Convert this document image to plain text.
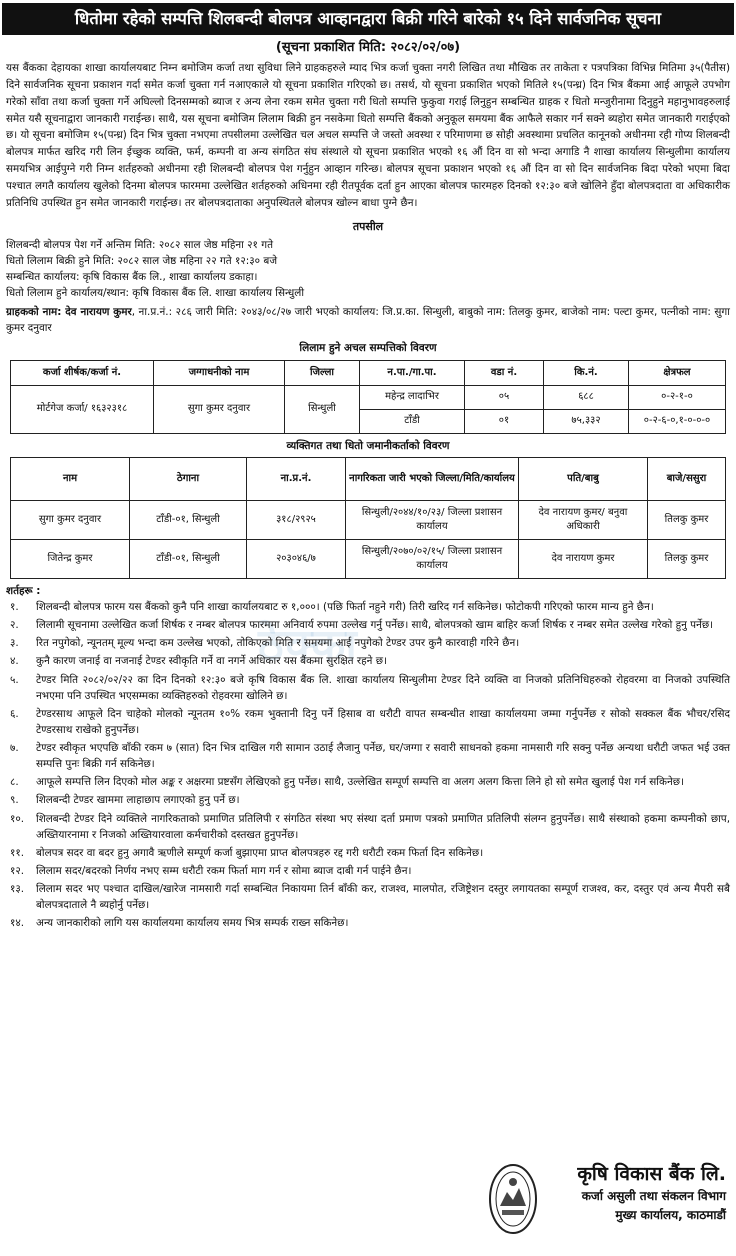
धितोमा रहेको सम्पत्ति शिलबन्दी बोलपत्र आव्हानद्वारा बिक्री गरिने बारेको १५ दिने सार्वजनिक सूचना
(सूचना प्रकाशित मिति: २०८२/०२/०७)
ठेक्का

यस बैंकका देहायका शाखा कार्यालयबाट निम्न बमोजिम कर्जा तथा सुविधा लिने ग्राहकहरुले म्याद भित्र कर्जा चुक्ता नगरी लिखित तथा मौखिक तर ताकेता र पत्रपत्रिका विभिन्न मितिमा ३५(पैतीस) दिने सार्वजनिक सूचना प्रकाशन गर्दा समेत कर्जा चुक्ता गर्न नआएकाले यो सूचना प्रकाशित गरिएको छ। तसर्थ, यो सूचना प्रकाशित भएको मितिले १५(पन्ध्र) दिन भित्र बैंकमा आई आफूले उपभोग गरेको साँवा तथा कर्जा चुक्ता गर्ने अघिल्लो दिनसम्मको ब्याज र अन्य लेना रकम समेत चुक्ता गरी धितो सम्पत्ति फुकुवा गराई लिनुहुन सम्बन्धित ग्राहक र धितो मन्जुरीनामा दिनुहुने महानुभावहरुलाई समेत यसै सूचनाद्वारा जानकारी गराईन्छ। साथै, यस सूचना बमोजिम लिलाम बिक्री हुन नसकेमा धितो सम्पत्ति बैंकको अनुकूल समयमा बैंक आफैले सकार गर्न सक्ने ब्यहोरा समेत जानकारी गराईएको छ। यो सूचना बमोजिम १५(पन्ध्र) दिन भित्र चुक्ता नभएमा तपसीलमा उल्लेखित चल अचल सम्पत्ति जे जस्तो अवस्था र परिमाणमा छ सोही अवस्थामा प्रचलित कानूनको अधीनमा रही गोप्य शिलबन्दी बोलपत्र मार्फत खरिद गरी लिन ईच्छुक व्यक्ति, फर्म, कम्पनी वा अन्य संगठित संघ संस्थाले यो सूचना प्रकाशित भएको १६ औं दिन वा सो भन्दा अगाडि नै शाखा कार्यालय सिन्धुलीमा कार्यालय समयभित्र आईपुग्ने गरी निम्न शर्तहरुको अधीनमा रही शिलबन्दी बोलपत्र पेश गर्नुहुन आव्हान गरिन्छ। बोलपत्र सूचना प्रकाशन भएको १६ औं दिन वा सो दिन सार्वजनिक बिदा परेको भएमा बिदा पश्चात लगतै कार्यालय खुलेको दिनमा बोलपत्र फारममा उल्लेखित शर्तहरुको अधिनमा रही रीतपूर्वक दर्ता हुन आएका बोलपत्र फारमहरु दिनको १२:३० बजे खोलिने हुँदा बोलपत्रदाता वा अधिकारीक प्रतिनिधि उपस्थित हुन समेत जानकारी गराईन्छ। तर बोलपत्रदाताका अनुपस्थितले बोलपत्र खोल्न बाधा पुग्ने छैन।

तपसील

शिलबन्दी बोलपत्र पेश गर्ने अन्तिम मिति: २०८२ साल जेष्ठ महिना २१ गते

धितो लिलाम बिक्री हुने मिति: २०८२ साल जेष्ठ महिना २२ गते १२:३० बजे

सम्बन्धित कार्यालय: कृषि विकास बैंक लि., शाखा कार्यालय डकाहा।

धितो लिलाम हुने कार्यालय/स्थान: कृषि विकास बैंक लि. शाखा कार्यालय सिन्धुली

ग्राहकको नाम: देव नारायण कुमर, ना.प्र.नं.: २८६ जारी मिति: २०४३/०८/२७ जारी भएको कार्यालय: जि.प्र.का. सिन्धुली, बाबुको नाम: तिलकु कुमर, बाजेको नाम: पल्टा कुमर, पत्नीको नाम: सुगा कुमर दनुवार

लिलाम हुने अचल सम्पत्तिको विवरण
कर्जा शीर्षक/कर्जा नं.	जग्गाधनीको नाम	जिल्ला	न.पा./गा.पा.	वडा नं.	कि.नं.	क्षेत्रफल
मोर्टगेज कर्जा/ १६३२३१८	सुगा कुमर दनुवार	सिन्धुली	महेन्द्र लादाभिर	०५	६८८	०-२-१-०
			टाँडी	०१	७५,३३२	०-२-६-०,१-०-०-०
व्यक्तिगत तथा धितो जमानीकर्ताको विवरण
नाम	ठेगाना	ना.प्र.नं.	नागरिकता जारी भएको जिल्ला/मिति/कार्यालय	पति/बाबु	बाजे/ससुरा
सुगा कुमर दनुवार	टाँडी-०१, सिन्धुली	३१८/२९२५	सिन्धुली/२०४४/१०/२३/ जिल्ला प्रशासन कार्यालय	देव नारायण कुमर/ बनुवा अधिकारी	तिलकु कुमर
जितेन्द्र कुमर	टाँडी-०१, सिन्धुली	२०३०४६/७	सिन्धुली/२०७०/०२/१५/ जिल्ला प्रशासन कार्यालय	देव नारायण कुमर	तिलकु कुमर
शर्तहरू :
१.	शिलबन्दी बोलपत्र फारम यस बैंकको कुनै पनि शाखा कार्यालयबाट रु १,०००। (पछि फिर्ता नहुने गरी) तिरी खरिद गर्न सकिनेछ। फोटोकपी गरिएको फारम मान्य हुने छैन।
२.	लिलामी सूचनामा उल्लेखित कर्जा शिर्षक र नम्बर बोलपत्र फारममा अनिवार्य रुपमा उल्लेख गर्नु पर्नेछ। साथै, बोलपत्रको खाम बाहिर कर्जा शिर्षक र नम्बर समेत उल्लेख गरेको हुनु पर्नेछ।
३.	रित नपुगेको, न्यूनतम् मूल्य भन्दा कम उल्लेख भएको, तोकिएको मिति र समयमा आई नपुगेको टेण्डर उपर कुनै कारवाही गरिने छैन।
४.	कुनै कारण जनाई वा नजनाई टेण्डर स्वीकृति गर्ने वा नगर्ने अधिकार यस बैंकमा सुरक्षित रहने छ।
५.	टेण्डर मिति २०८२/०२/२२ का दिन दिनको १२:३० बजे कृषि विकास बैंक लि. शाखा कार्यालय सिन्धुलीमा टेण्डर दिने व्यक्ति वा निजको प्रतिनिधिहरुको रोहवरमा वा निजको उपस्थिति नभएमा पनि उपस्थित भएसम्मका व्यक्तिहरुको रोहवरमा खोलिने छ।
६.	टेण्डरसाथ आफूले दिन चाहेको मोलको न्यूनतम १०% रकम भुक्तानी दिनु पर्ने हिसाब वा धरौटी वापत सम्बन्धीत शाखा कार्यालयमा जम्मा गर्नुपर्नेछ र सोको सक्कल बैंक भौचर/रसिद टेण्डरसाथ राखेको हुनुपर्नेछ।
७.	टेण्डर स्वीकृत भएपछि बाँकी रकम ७ (सात) दिन भित्र दाखिल गरी सामान उठाई लैजानु पर्नेछ, घर/जग्गा र सवारी साधनको हकमा नामसारी गरि सक्नु पर्नेछ अन्यथा धरौटी जफत भई उक्त सम्पत्ति पुनः बिक्री गर्न सकिनेछ।
८.	आफूले सम्पत्ति लिन दिएको मोल अङ्क र अक्षरमा प्रष्टसँग लेखिएको हुनु पर्नेछ। साथै, उल्लेखित सम्पूर्ण सम्पत्ति वा अलग अलग कित्ता लिने हो सो समेत खुलाई पेश गर्न सकिनेछ।
९.	शिलबन्दी टेण्डर खाममा लाहाछाप लगाएको हुनु पर्ने छ।
१०.	शिलबन्दी टेण्डर दिने व्यक्तिले नागरिकताको प्रमाणित प्रतिलिपी र संगठित संस्था भए संस्था दर्ता प्रमाण पत्रको प्रमाणित प्रतिलिपी संलग्न हुनुपर्नेछ। साथै संस्थाको हकमा कम्पनीको छाप, अख्तियारनामा र निजको अख्तियारवाला कर्मचारीको दस्तखत हुनुपर्नेछ।
११.	बोलपत्र सदर वा बदर हुनु अगावै ऋणीले सम्पूर्ण कर्जा बुझाएमा प्राप्त बोलपत्रहरु रद्द गरी धरौटी रकम फिर्ता दिन सकिनेछ।
१२.	लिलाम सदर/बदरको निर्णय नभए सम्म धरौटी रकम फिर्ता माग गर्न र सोमा ब्याज दाबी गर्न पाईने छैन।
१३.	लिलाम सदर भए पश्चात दाखिल/खारेज नामसारी गर्दा सम्बन्धित निकायमा तिर्न बाँकी कर, राजश्व, मालपोत, रजिष्ट्रेशन दस्तुर लगायतका सम्पूर्ण राजश्व, कर, दस्तुर एवं अन्य मैपरी सबै बोलपत्रदाताले नै ब्यहोर्नु पर्नेछ।
१४.	अन्य जानकारीको लागि यस कार्यालयमा कार्यालय समय भित्र सम्पर्क राख्न सकिनेछ।
कृषि विकास बैंक लि.
कर्जा असुली तथा संकलन विभाग
मुख्य कार्यालय, काठमाडौं
